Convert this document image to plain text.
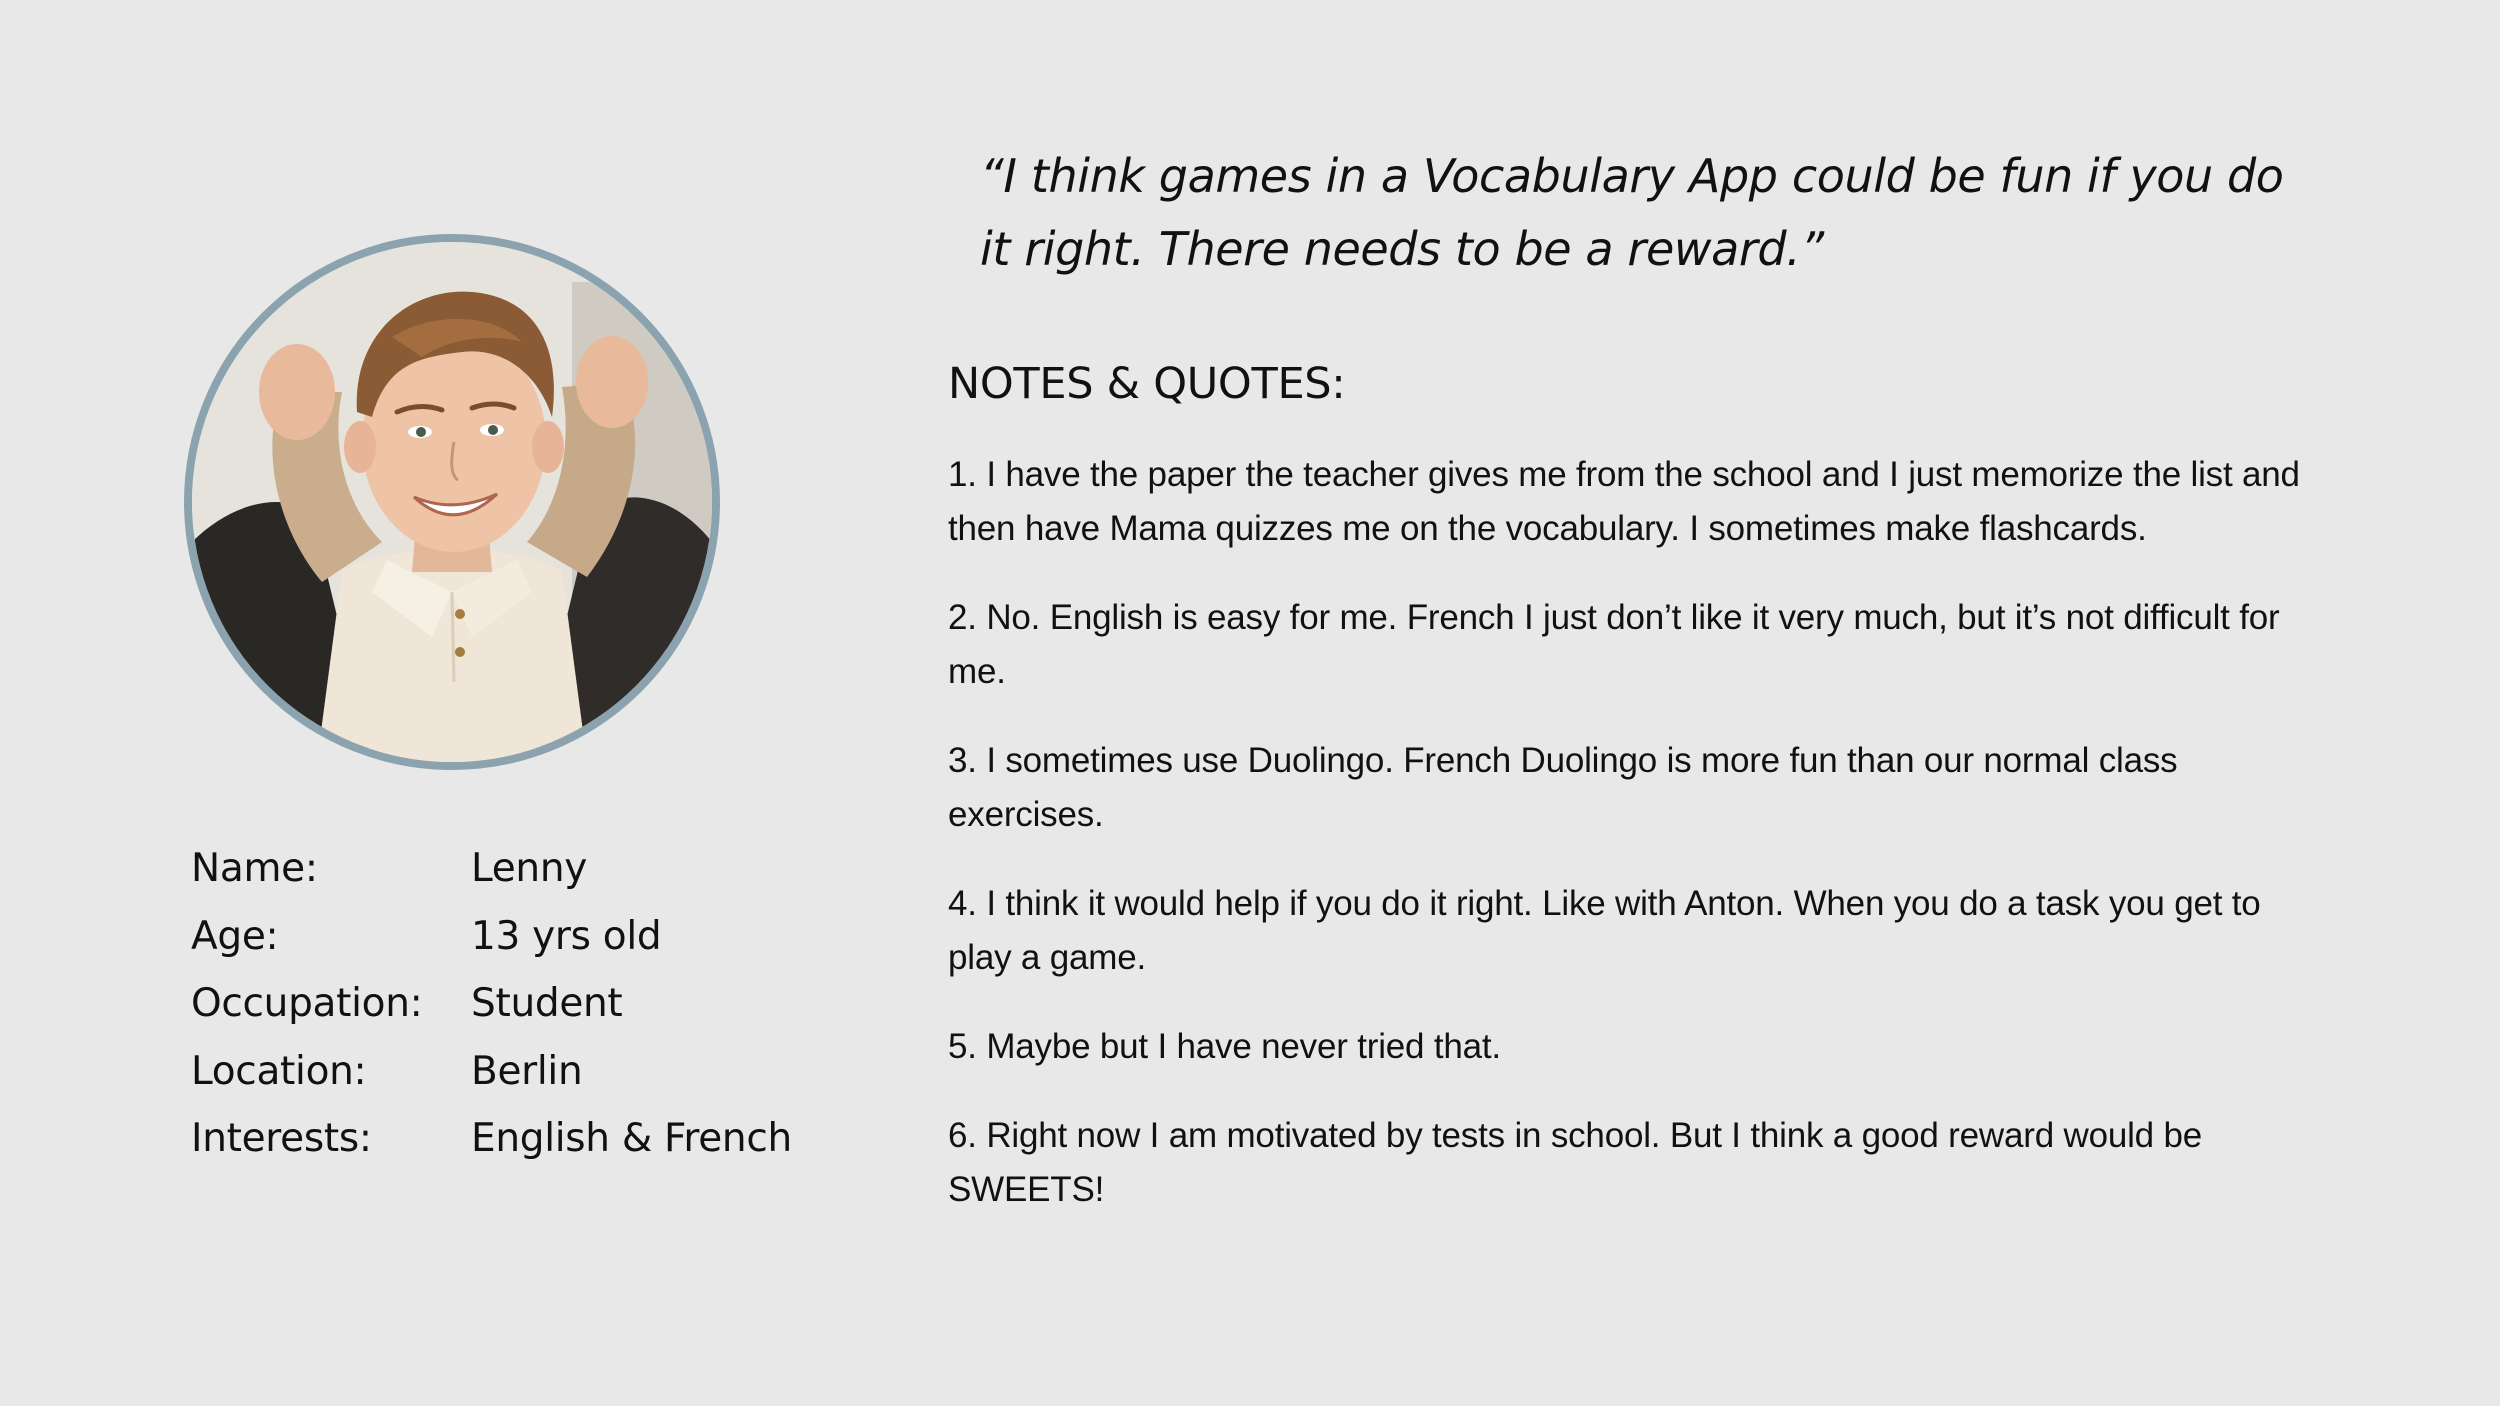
Name:	Lenny
Age:	13 yrs old
Occupation:	Student
Location:	Berlin
Interests:	English & French
“I think games in a Vocabulary App could be fun if you do it right. There needs to be a reward.”
NOTES & QUOTES:
1. I have the paper the teacher gives me from the school and I just memorize the list and then have Mama quizzes me on the vocabulary. I sometimes make flashcards.
2. No. English is easy for me. French I just don’t like it very much, but it’s not difficult for me.
3. I sometimes use Duolingo. French Duolingo is more fun than our normal class exercises.
4. I think it would help if you do it right. Like with Anton. When you do a task you get to play a game.
5. Maybe but I have never tried that.
6. Right now I am motivated by tests in school. But I think a good reward would be SWEETS!
